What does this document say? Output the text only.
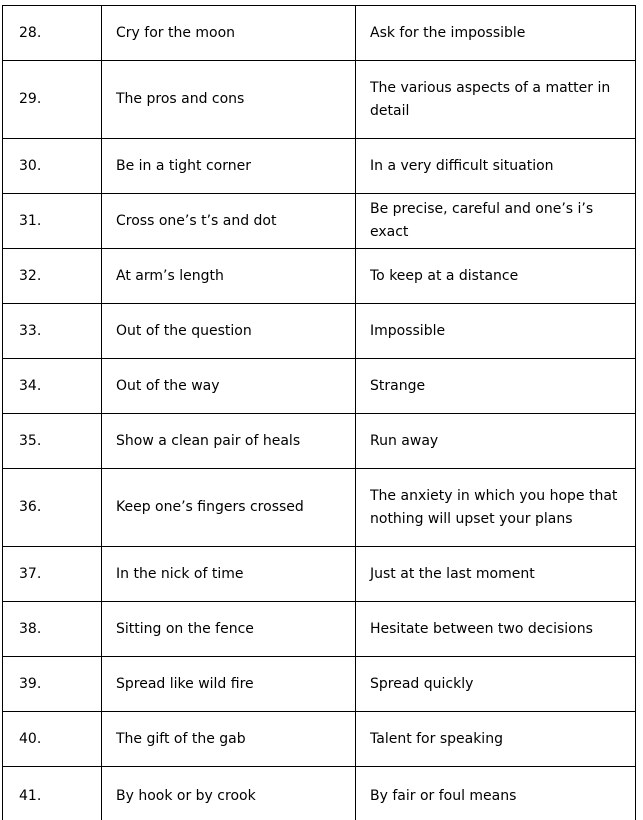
28.	Cry for the moon	Ask for the impossible
29.	The pros and cons	The various aspects of a matter in detail
30.	Be in a tight corner	In a very difficult situation
31.	Cross one’s t’s and dot	Be precise, careful and one’s i’s exact
32.	At arm’s length	To keep at a distance
33.	Out of the question	Impossible
34.	Out of the way	Strange
35.	Show a clean pair of heals	Run away
36.	Keep one’s fingers crossed	The anxiety in which you hope that nothing will upset your plans
37.	In the nick of time	Just at the last moment
38.	Sitting on the fence	Hesitate between two decisions
39.	Spread like wild fire	Spread quickly
40.	The gift of the gab	Talent for speaking
41.	By hook or by crook	By fair or foul means
